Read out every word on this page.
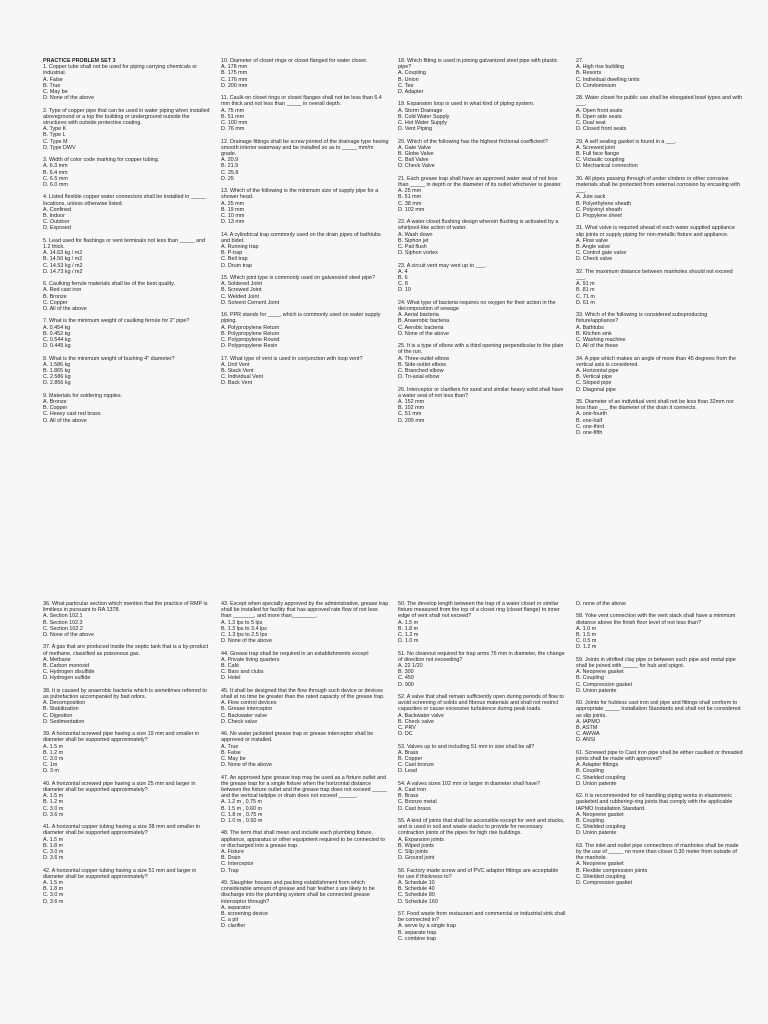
PRACTICE PROBLEM SET 3
1. Copper tube shall not be used for piping carrying chemicals or industrial.
A. False
B. True
C. May be
D. None of the above
2. Type of copper pipe that can be used in water piping when installed aboveground or a top the building or underground outside the structures with outside protective coating.
A. Type K
B. Type L
C. Type M
D. Type DWV
3. Width of color code marking for copper tubing.
A. 6.3 mm
B. 6.4 mm
C. 6.5 mm
D. 6.0 mm
4. Listed flexible copper water connectors shall be installed in _____ locations, unless otherwise listed.
A. Confined
B. Indoor
C. Outdoor
D. Exposed
5. Lead used for flashings or vent terminals not less than _____ and 1.2 thick.
A. 14.63 kg / m2
B. 14.50 kg / m2
C. 14.53 kg / m2
D. 14.73 kg / m2
6. Caulking ferrule materials shall be of the best quality.
A. Red cast iron
B. Bronze
C. Copper
D. All of the above
7. What is the minimum weight of caulking ferrule for 2" pipe?
A. 0.454 kg
B. 0.452 kg
C. 0.544 kg
D. 0.445 kg
8. What is the minimum weight of bushing 4" diameter?
A. 1.586 kg
B. 1.865 kg
C. 2.586 kg
D. 2.856 kg
9. Materials for soldering nipples.
A. Bronze
B. Copper
C. Heavy cast red brass
D. All of the above
10. Diameter of closet rings or closet flanged for water closet.
A. 178 mm
B. 175 mm
C. 176 mm
D. 200 mm
11. Caulk-on closet rings or closet flanges shall not be less than 6.4 mm thick and not less than _____ in overall depth.
A. 75 mm
B. 51 mm
C. 100 mm
D. 76 mm
12. Drainage fittings shall be screw jointed of the drainage type having smooth interior waterway and be installed so as to _____ mm/m grade.
A. 20.9
B. 21.9
C. 25.9
D. 25
13. Which of the following is the minimum size of supply pipe for a shower head.
A. 25 mm
B. 19 mm
C. 10 mm
D. 13 mm
14. A cylindrical trap commonly used on the drain pipes of bathtubs and bidet.
A. Running trap
B. P-trap
C. Bell trap
D. Drum trap
15. Which joint type is commonly used on galvanized steel pipe?
A. Soldered Joint
B. Screwed Joint
C. Welded Joint
D. Solvent Cement Joint
16. PPR stands for ____, which is commonly used on water supply piping.
A. Polypropylene Return
B. Polypropylene Return
C. Polypropylene Round
D. Polypropylene Resin
17. What type of vent is used in conjunction with loop vent?
A. Unit Vent
B. Stack Vent
C. Individual Vent
D. Back Vent
18. Which fitting is used in joining galvanized steel pipe with plastic pipe?
A. Coupling
B. Union
C. Tee
D. Adapter
19. Expansion loop is used in what kind of piping system.
A. Storm Drainage
B. Cold Water Supply
C. Hot Water Supply
D. Vent Piping
20. Which of the following has the highest frictional coefficient?
A. Gate Valve
B. Globe Valve
C. Ball Valve
D. Check Valve
21. Each grease trap shall have an approved water seal of not less than _____ in depth or the diameter of its outlet whichever is greater.
A. 25 mm
B. 51 mm
C. 38 mm
D. 102 mm
22. A water closet flushing design wherein flushing is activated by a whirlpool-like action of water.
A. Wash down
B. Siphon jet
C. Pail flush
D. Siphon vortex
23. A circuit vent may vent up to ___.
A. 4
B. 6
C. 8
D. 10
24. What type of bacteria requires no oxygen for their action in the decomposition of sewage
A. Aerial bacteria
B. Anaerobic bacteria
C. Aerobic bacteria
D. None of the above
25. It is a type of elbow with a third opening perpendicular to the plain of the run.
A. Three-outlet elbow
B. Side-outlet elbow
C. Branched elbow
D. Tri-axial elbow
26. Interceptor or clarifiers for sand and similar heavy solid shall have a water seal of not less than?
A. 152 mm
B. 102 mm
C. 51 mm
D. 205 mm
27.
A. High rise building
B. Resorts
C. Individual dwelling units
D. Condominium
28. Water closet for public use shall be elongated bowl types and with ___.
A. Open front seats
B. Open side seats
C. Dual seat
D. Closed front seats
29. A self sealing gasket is found in a ___.
A. Screwed joint
B. Full face flange
C. Victaulic coupling
D. Mechanical connection
30. All pipes passing through of under cinders or other corrosive materials shall be protected from external corrosion by encasing with ___.
A. Jute sack
B. Polyethylene sheath
C. Polyvinyl sheath
D. Propylene sheet
31. What valve is required ahead of each water supplied appliance slip joints or supply piping for non-metallic fixture and appliance.
A. Flow valve
B. Angle valve
C. Control gate valve
D. Check valve
32. The maximum distance between manholes should not exceed ___.
A. 91 m
B. 81 m
C. 71 m
D. 61 m
33. Which of the following is considered subsproducing fixture/appliance?
A. Bathtubs
B. Kitchen sink
C. Washing machine
D. All of the these
34. A pipe which makes an angle of more than 45 degrees from the vertical axis is considered.
A. Horizontal pipe
B. Vertical pipe
C. Sloped pipe
D. Diagonal pipe
35. Diameter of an individual vent shall not be less than 32mm nor less than ___ the diameter of the drain it connects.
A. one-fourth
B. one-half
C. one-third
D. one-fifth
36. What particular section which mention that the practice of RMP is limitless in pursuant to RA 1378.
A. Section 102.1
B. Section 102.3
C. Section 102.2
D. None of the above
37. A gas that are produced inside the septic tank that is a by-product of methane, classified as poisonous gas.
A. Methane
B. Carbon monoxid
C. Hydrogen disulfide
D. Hydrogen sulfide
38. It is caused by anaerobic bacteria which is sometimes referred to as putrefaction accompanied by bad odors.
A. Decomposition
B. Stabilization
C. Digestion
D. Sedimentation
39. A horizontal screwed pipe having a size 19 mm and smaller in diameter shall be supported approximately?
A. 1.5 m
B. 1.2 m
C. 3.0 m
C. 1m
D. 3 m
40. A horizontal screwed pipe having a size 25 mm and larger in diameter shall be supported approximately?
A. 1.5 m
B. 1.2 m
C. 3.0 m
D. 3.6 m
41. A horizontal copper tubing having a size 38 mm and smaller in diameter shall be supported approximately?
A. 1.5 m
B. 1.8 m
C. 3.0 m
D. 3.6 m
42. A horizontal copper tubing having a size 51 mm and larger in diameter shall be supported approximately?
A. 1.5 m
B. 1.8 m
C. 3.0 m
D. 3.6 m
43. Except when specially approved by the administrative, grease trap shall be installed for facility that has approved rate flow of not less than _______, and more than________.
A. 1.3 lps to 5 lps
B. 1.3 lps to 3.4 lps
C. 1.3 lps to 2.5 lps
D. None of the above
44. Grease trap shall be required in an establishments except:
A. Private living quarters
B. Café
C. Bars and clubs
D. Hotel
45. It shall be designed that the flow through such device or devices shall at no time be greater than the rated capacity of the grease trap.
A. Flow control devices
B. Grease interceptor
C. Backwater valve
D. Check valve
46. No water jacketed grease trap or grease interceptor shall be approved or installed.
A. True
B. False
C. May be
D. None of the above
47. An approved type grease trap may be used as a fixture outlet and the grease trap for a single fixture when the horizontal distance between the fixture outlet and the grease trap does not exceed _____ and the vertical tailpipe or drain does not exceed ______.
A. 1.2 m , 0.75 m
B. 1.5 m , 0.60 m
C. 1.8 m , 0.75 m
D. 1.0 m , 0.50 m
48. The term that shall mean and include each plumbing fixture, appliance, apparatus or other equipment required to be connected to or discharged into a grease trap.
A. Fixture
B. Drain
C. Interceptor
D. Trap
49. Slaughter houses and packing establishment from which considerable amount of grease and hair feather s are likely to be discharge into the plumbing system shall be connected grease interceptor through?
A. separator
B. screening device
C. a pit
D. clarifier
50. The develop length between the trap of a water closet or similar fixture measured from the top of a closet ring (closet flange) to inner edge of vent shall not exceed?
A. 1.5 m
B. 1.8 m
C. 1.2 m
D. 1.0 m
51. No cleanout required for trap arms 76 mm in diameter, the change of direction not exceeding?
A. 22 1/20
B. 300
C. 450
D. 900
52. A valve that shall remain sufficiently open during periods of flow to avoid screening of solids and fibrous materials and shall not restrict capacities or cause excessive turbulence during peak loads.
A. Backwater valve
B. Check valve
C. PRV
D. DC
53. Valves up to and including 51 mm in size shall be all?
A. Brass
B. Copper
C. Cast bronze
D. Lead
54. A valves sizes 102 mm or larger in diameter shall have?
A. Cast iron
B. Brass
C. Bronze metal
D. Cast brass
55. A kind of joints that shall be accessible except for vent and stacks, and is used in soil and waste stacks to provide for necessary contraction joints of the pipes for high rise buildings.
A. Expansion joints
B. Wiped joints
C. Slip joints
D. Ground joint
56. Factory made screw and of PVC adaptor fittings are acceptable for use if thickness to?
A. Schedule 10
B. Schedule 40
C. Schedule 80
D. Schedule 160
57. Food waste from restaurant and commercial or industrial sink shall be connected in?
A. serve by a single trap
B. separate trap
C. combine trap
D. none of the above
58. Yoke vent connection with the vent stack shall have a minimum distance above the finish floor level of not less than?
A. 1.0 m
B. 1.5 m
C. 0.5 m
D. 1.2 m
59. Joints in vitrified clay pipe or between such pipe and metal pipe shall be joined with _____ for hub and spigot.
A. Neoprene gasket
B. Coupling
C. Compression gasket
D. Union patente
60. Joints for hubless cast iron soil pipe and fittings shall conform to appropriate _____ Installation Standards and shall not be considered as slip joints.
A. IAPMO
B. ASTM
C. AWWA
D. ANSI
61. Screwed pipe to Cast iron pipe shall be either caulked or threaded joints shall be made with approved?
A. Adapter fittings
B. Coupling
C. Shielded coupling
D. Union patente
62. It is recommended for oil handling piping works in elastomeric gasketed and rubbering-ring joints that comply with the applicable IAPMO Installation Standard.
A. Neoprene gasket
B. Coupling
C. Shielded coupling
D. Union patente
63. The inlet and outlet pipe connections of manholes shall be made by the use of _____ no more than closer 0.30 meter from outside of the manhole.
A. Neoprene gasket
B. Flexible compression joints
C. Shielded coupling
D. Compression gasket
